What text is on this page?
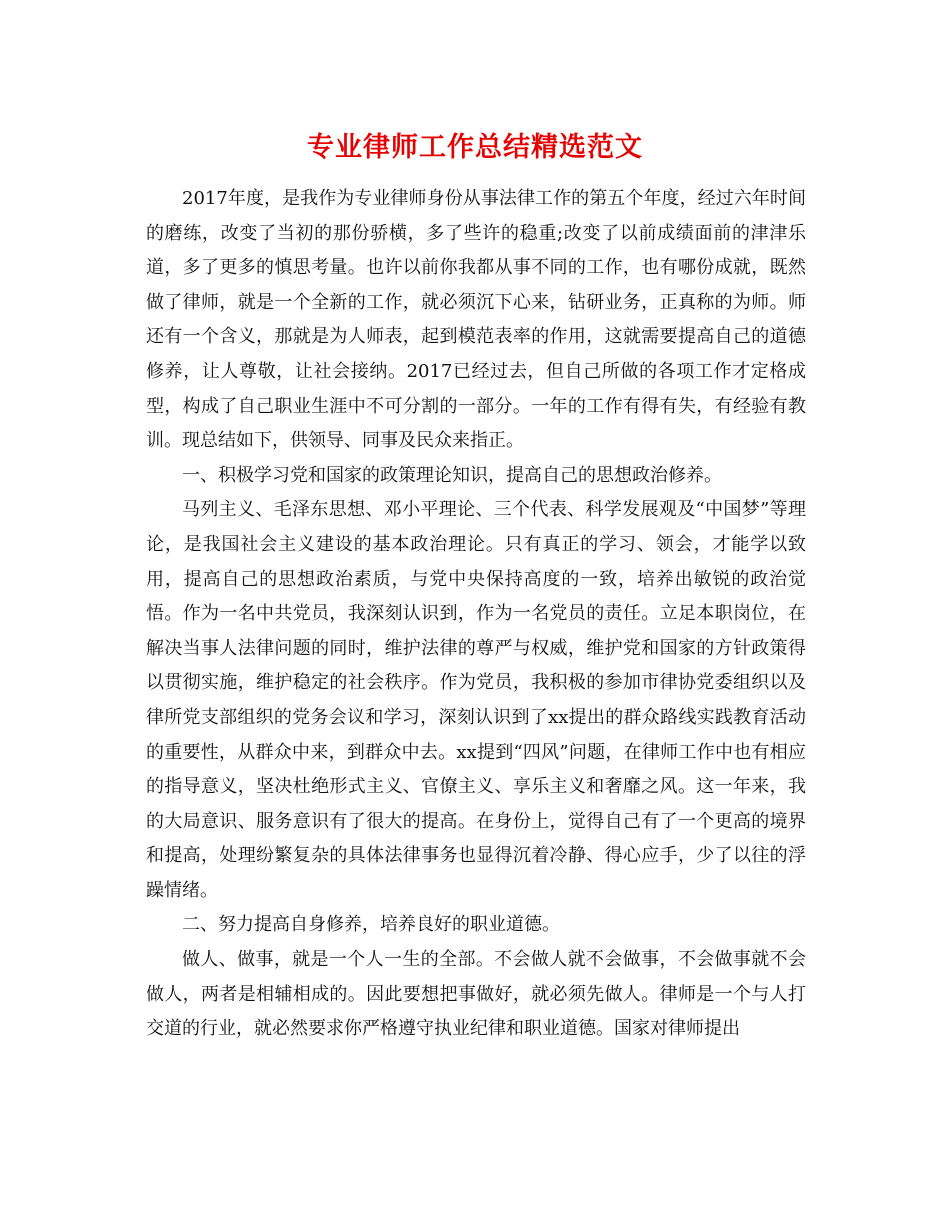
专业律师工作总结精选范文

2017年度，是我作为专业律师身份从事法律工作的第五个年度，经过六年时间的磨练，改变了当初的那份骄横，多了些许的稳重;改变了以前成绩面前的津津乐道，多了更多的慎思考量。也许以前你我都从事不同的工作，也有哪份成就，既然做了律师，就是一个全新的工作，就必须沉下心来，钻研业务，正真称的为师。师还有一个含义，那就是为人师表，起到模范表率的作用，这就需要提高自己的道德修养，让人尊敬，让社会接纳。2017已经过去，但自己所做的各项工作才定格成型，构成了自己职业生涯中不可分割的一部分。一年的工作有得有失，有经验有教训。现总结如下，供领导、同事及民众来指正。

一、积极学习党和国家的政策理论知识，提高自己的思想政治修养。

马列主义、毛泽东思想、邓小平理论、三个代表、科学发展观及“中国梦”等理论，是我国社会主义建设的基本政治理论。只有真正的学习、领会，才能学以致用，提高自己的思想政治素质，与党中央保持高度的一致，培养出敏锐的政治觉悟。作为一名中共党员，我深刻认识到，作为一名党员的责任。立足本职岗位，在解决当事人法律问题的同时，维护法律的尊严与权威，维护党和国家的方针政策得以贯彻实施，维护稳定的社会秩序。作为党员，我积极的参加市律协党委组织以及律所党支部组织的党务会议和学习，深刻认识到了xx提出的群众路线实践教育活动的重要性，从群众中来，到群众中去。xx提到“四风”问题，在律师工作中也有相应的指导意义，坚决杜绝形式主义、官僚主义、享乐主义和奢靡之风。这一年来，我的大局意识、服务意识有了很大的提高。在身份上，觉得自己有了一个更高的境界和提高，处理纷繁复杂的具体法律事务也显得沉着冷静、得心应手，少了以往的浮躁情绪。

二、努力提高自身修养，培养良好的职业道德。

做人、做事，就是一个人一生的全部。不会做人就不会做事，不会做事就不会做人，两者是相辅相成的。因此要想把事做好，就必须先做人。律师是一个与人打交道的行业，就必然要求你严格遵守执业纪律和职业道德。国家对律师提出
